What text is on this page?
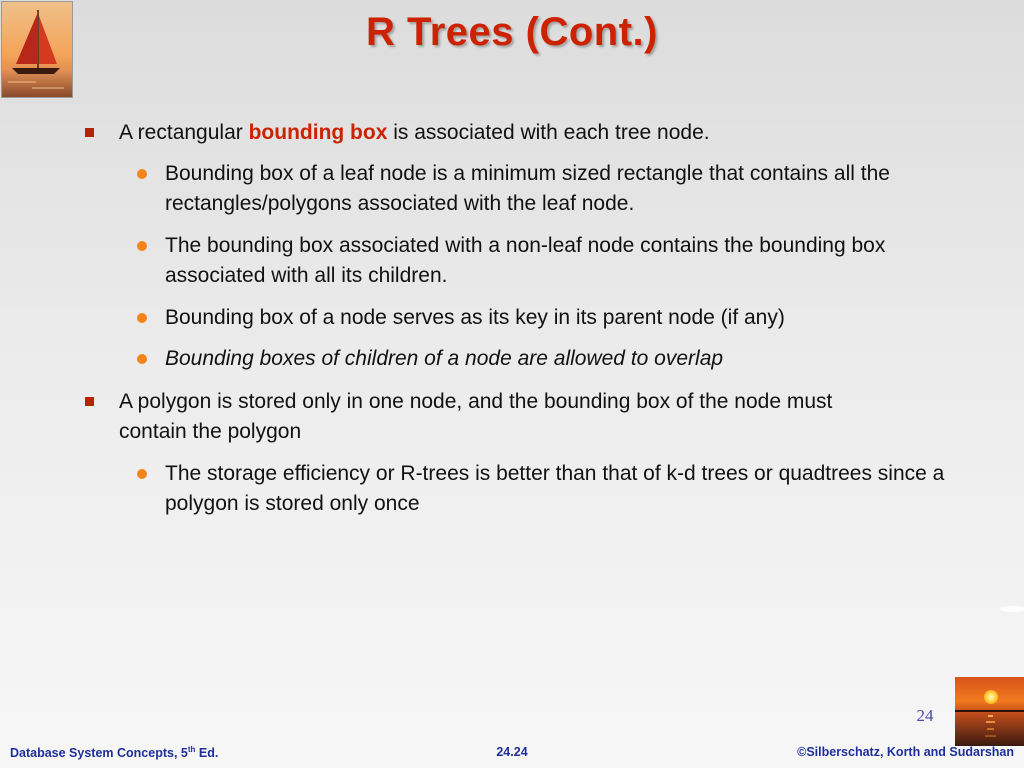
R Trees (Cont.)
A rectangular bounding box is associated with each tree node.
Bounding box of a leaf node is a minimum sized rectangle that contains all the rectangles/polygons associated with the leaf node.
The bounding box associated with a non-leaf node contains the bounding box associated with all its children.
Bounding box of a node serves as its key in its parent node (if any)
Bounding boxes of children of a node are allowed to overlap
A polygon is stored only in one node, and the bounding box of the node must contain the polygon
The storage efficiency or R-trees is better than that of k-d trees or quadtrees since a polygon is stored only once
24
Database System Concepts, 5th Ed.	24.24	©Silberschatz, Korth and Sudarshan
